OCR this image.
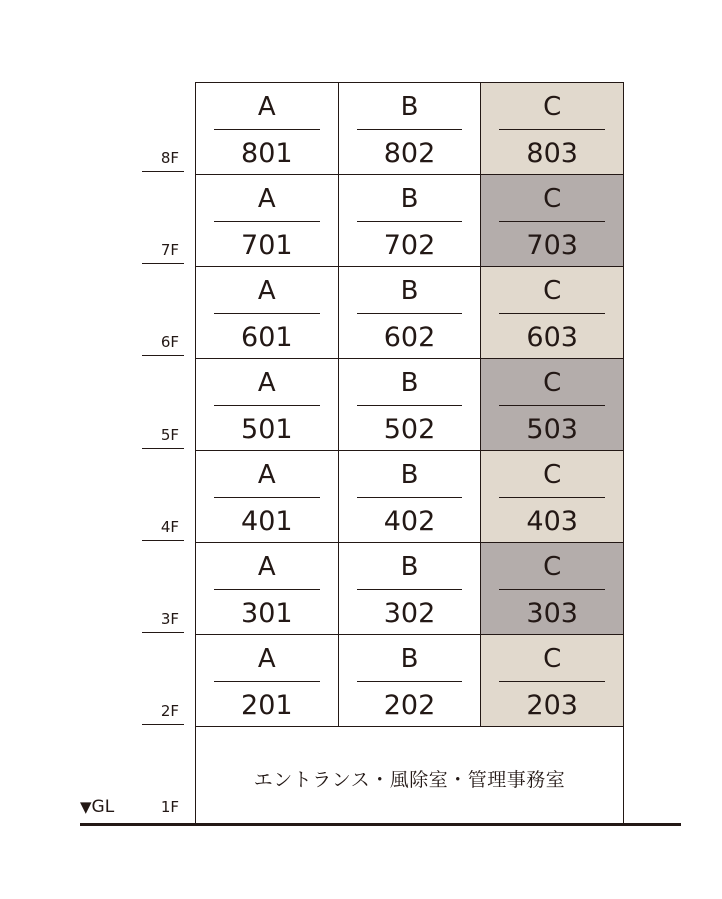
A
801
B
802
C
803
A
701
B
702
C
703
A
601
B
602
C
603
A
501
B
502
C
503
A
401
B
402
C
403
A
301
B
302
C
303
A
201
B
202
C
203
エントランス・風除室・管理事務室
8F
7F
6F
5F
4F
3F
2F
▼GL	1F
